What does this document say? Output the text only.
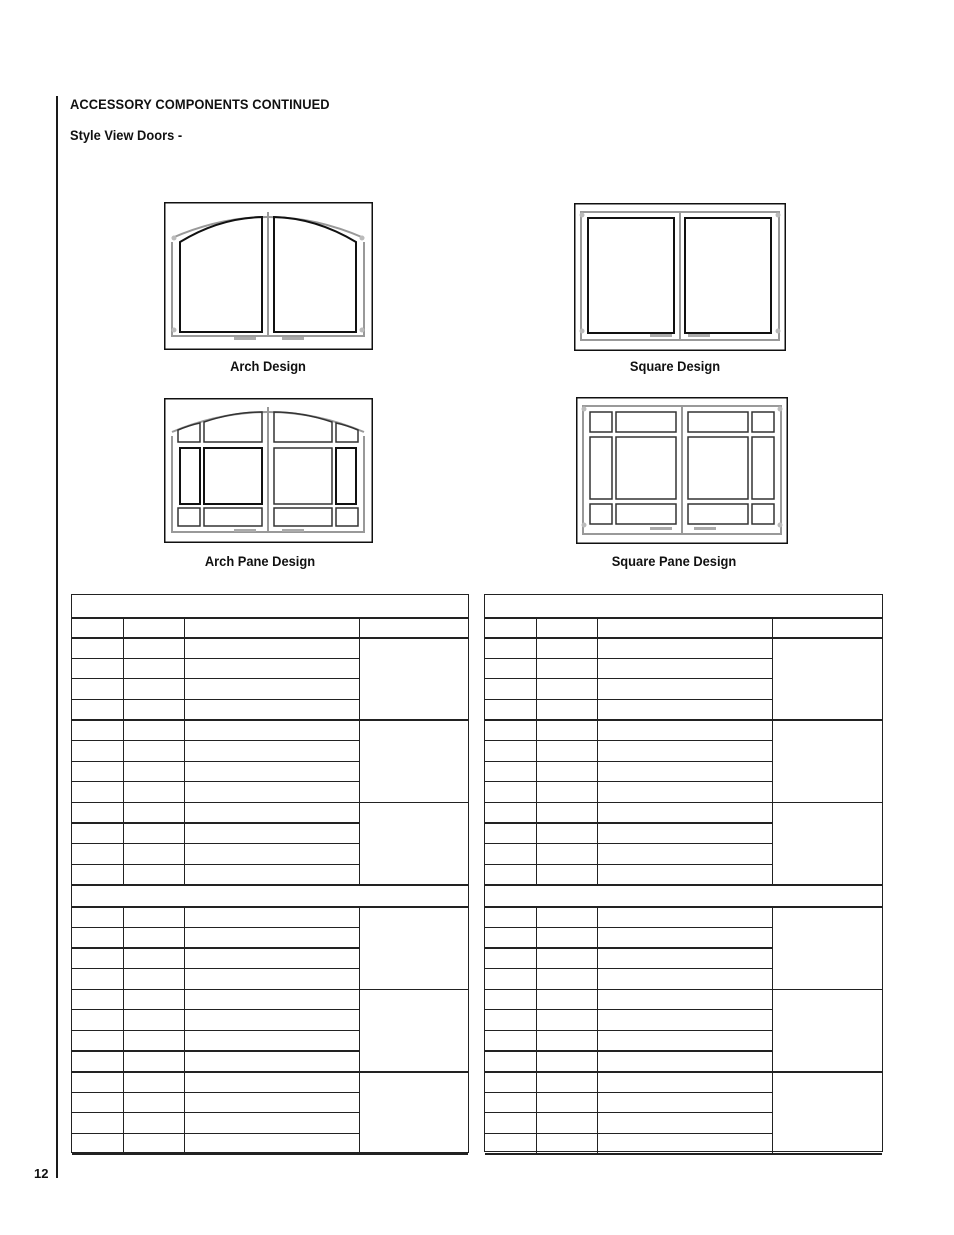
12
ACCESSORY COMPONENTS CONTINUED
Style View Doors -
Arch Design	Square Design
Arch Pane Design	Square Pane Design
